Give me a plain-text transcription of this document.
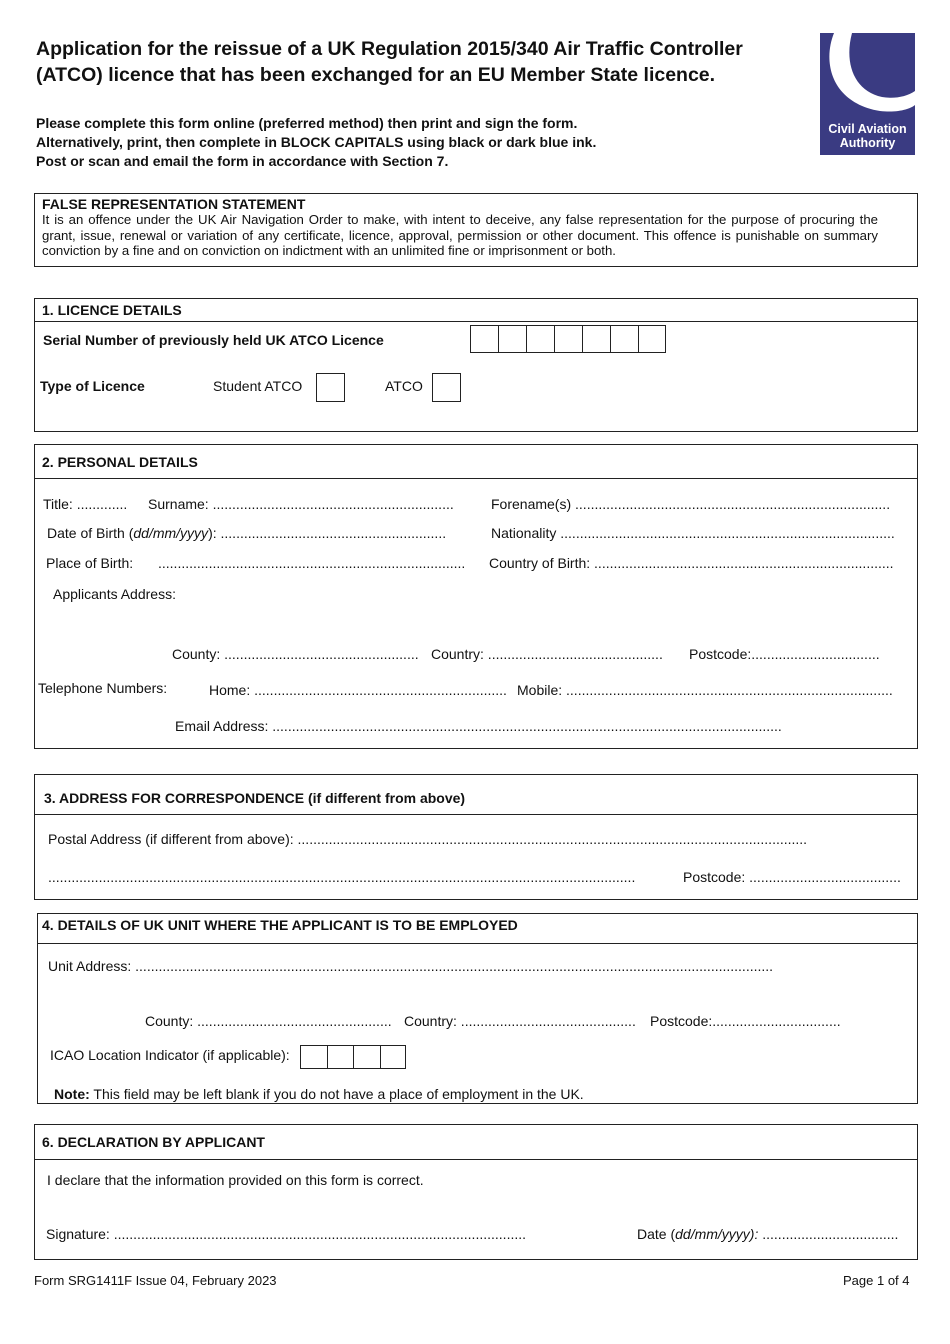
Application for the reissue of a UK Regulation 2015/340 Air Traffic Controller
(ATCO) licence that has been exchanged for an EU Member State licence.
Please complete this form online (preferred method) then print and sign the form.
Alternatively, print, then complete in BLOCK CAPITALS using black or dark blue ink.
Post or scan and email the form in accordance with Section 7.
Civil Aviation
Authority
FALSE REPRESENTATION STATEMENT
It is an offence under the UK Air Navigation Order to make, with intent to deceive, any false representation for the purpose of procuring the grant, issue, renewal or variation of any certificate, licence, approval, permission or other document. This offence is punishable on summary conviction by a fine and on conviction on indictment with an unlimited fine or imprisonment or both.
1. LICENCE DETAILS
Serial Number of previously held UK ATCO Licence
Type of Licence	Student ATCO	ATCO
2. PERSONAL DETAILS
Title: ............. Surname: ..............................................................	Forename(s) .................................................................................
Date of Birth (dd/mm/yyyy): ..........................................................	Nationality ......................................................................................
Place of Birth: ............................................................................... Country of Birth: .............................................................................
Applicants Address:
County: .................................................. Country: ............................................. Postcode:.................................
Telephone Numbers:	Home: ................................................................. Mobile: ....................................................................................
Email Address: ...................................................................................................................................
3. ADDRESS FOR CORRESPONDENCE (if different from above)
Postal Address (if different from above): ...................................................................................................................................
.......................................................................................................................................................	Postcode: .......................................
4. DETAILS OF UK UNIT WHERE THE APPLICANT IS TO BE EMPLOYED
Unit Address: ....................................................................................................................................................................
County: .................................................. Country: ............................................. Postcode:.................................
ICAO Location Indicator (if applicable):
Note: This field may be left blank if you do not have a place of employment in the UK.
6. DECLARATION BY APPLICANT
I declare that the information provided on this form is correct.
Signature: ..........................................................................................................	Date (dd/mm/yyyy): ...................................
Form SRG1411F Issue 04, February 2023	Page 1 of 4
